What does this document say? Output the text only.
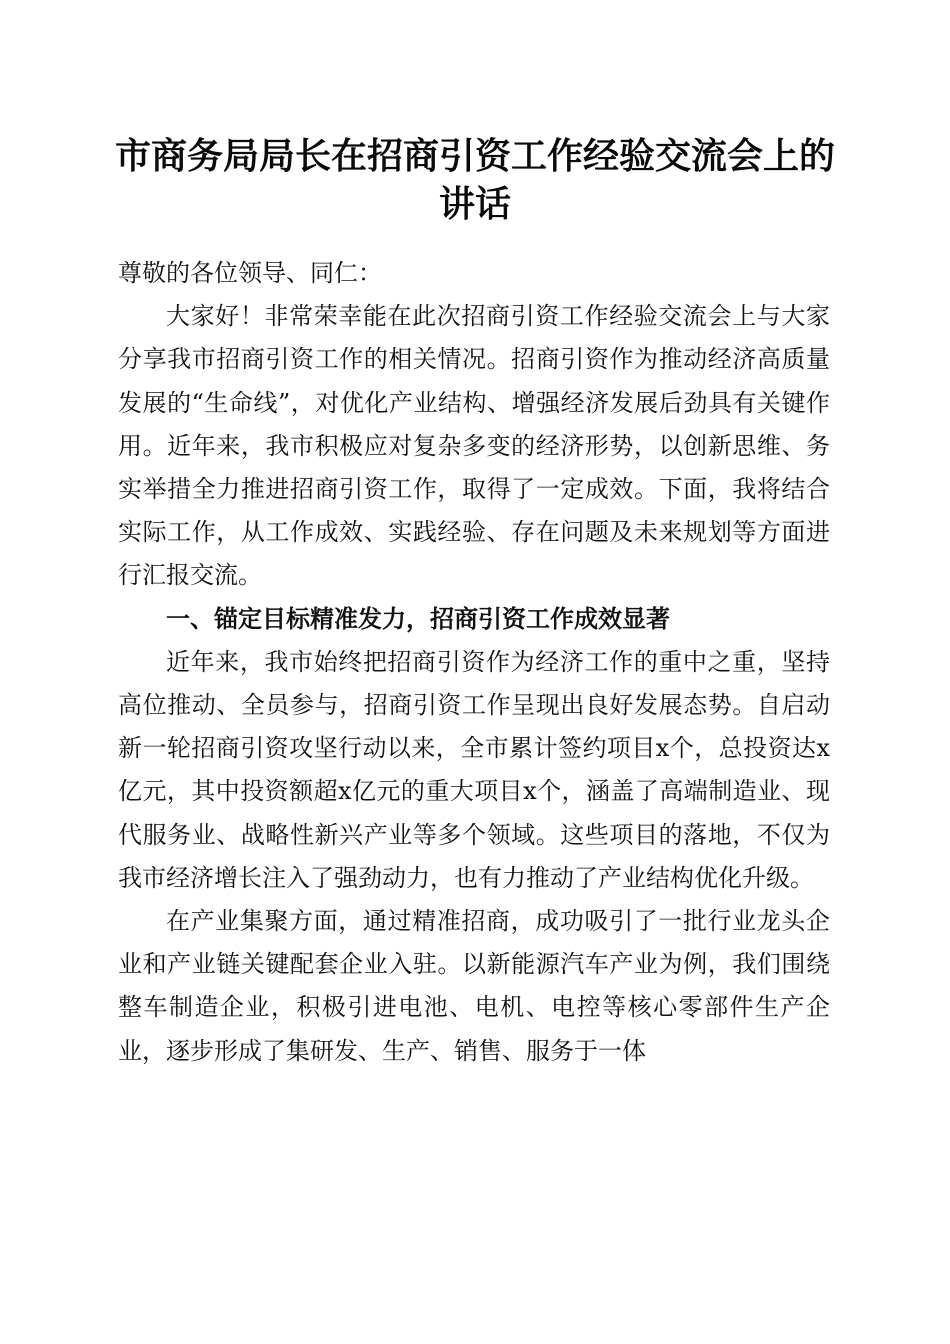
市商务局局长在招商引资工作经验交流会上的讲话

尊敬的各位领导、同仁：

大家好！非常荣幸能在此次招商引资工作经验交流会上与大家分享我市招商引资工作的相关情况。招商引资作为推动经济高质量发展的“生命线”，对优化产业结构、增强经济发展后劲具有关键作用。近年来，我市积极应对复杂多变的经济形势，以创新思维、务实举措全力推进招商引资工作，取得了一定成效。下面，我将结合实际工作，从工作成效、实践经验、存在问题及未来规划等方面进行汇报交流。

一、锚定目标精准发力，招商引资工作成效显著

近年来，我市始终把招商引资作为经济工作的重中之重，坚持高位推动、全员参与，招商引资工作呈现出良好发展态势。自启动新一轮招商引资攻坚行动以来，全市累计签约项目x个，总投资达x亿元，其中投资额超x亿元的重大项目x个，涵盖了高端制造业、现代服务业、战略性新兴产业等多个领域。这些项目的落地，不仅为我市经济增长注入了强劲动力，也有力推动了产业结构优化升级。

在产业集聚方面，通过精准招商，成功吸引了一批行业龙头企业和产业链关键配套企业入驻。以新能源汽车产业为例，我们围绕整车制造企业，积极引进电池、电机、电控等核心零部件生产企业，逐步形成了集研发、生产、销售、服务于一体
